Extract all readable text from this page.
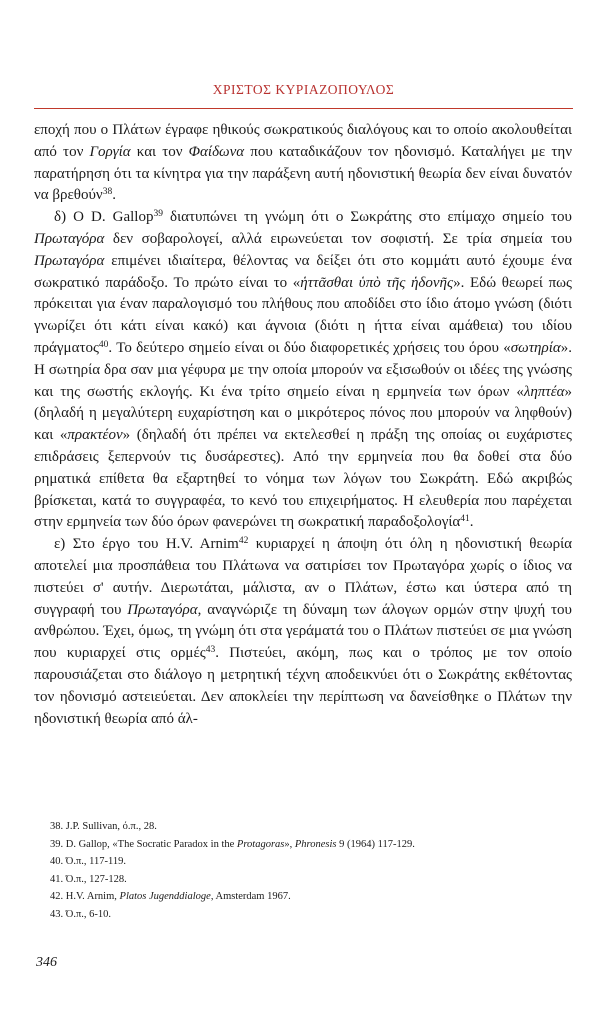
ΧΡΙΣΤΟΣ ΚΥΡΙΑΖΟΠΟΥΛΟΣ

εποχή που ο Πλάτων έγραφε ηθικούς σωκρατικούς διαλόγους και το οποίο ακολουθείται από τον Γοργία και τον Φαίδωνα που καταδικάζουν τον ηδονισμό. Καταλήγει με την παρατήρηση ότι τα κίνητρα για την παράξενη αυτή ηδονιστική θεωρία δεν είναι δυνατόν να βρεθούν$^{38}$.

δ) Ο D. Gallop$^{39}$ διατυπώνει τη γνώμη ότι ο Σωκράτης στο επίμαχο σημείο του Πρωταγόρα δεν σοβαρολογεί, αλλά ειρωνεύεται τον σοφιστή. Σε τρία σημεία του Πρωταγόρα επιμένει ιδιαίτερα, θέλοντας να δείξει ότι στο κομμάτι αυτό έχουμε ένα σωκρατικό παράδοξο. Το πρώτο είναι το «ἡττᾶσθαι ὑπὸ τῆς ἡδονῆς». Εδώ θεωρεί πως πρόκειται για έναν παραλογισμό του πλήθους που αποδίδει στο ίδιο άτομο γνώση (διότι γνωρίζει ότι κάτι είναι κακό) και άγνοια (διότι η ήττα είναι αμάθεια) του ιδίου πράγματος$^{40}$. Το δεύτερο σημείο είναι οι δύο διαφορετικές χρήσεις του όρου «σωτηρία». Η σωτηρία δρα σαν μια γέφυρα με την οποία μπορούν να εξισωθούν οι ιδέες της γνώσης και της σωστής εκλογής. Κι ένα τρίτο σημείο είναι η ερμηνεία των όρων «ληπτέα» (δηλαδή η μεγαλύτερη ευχαρίστηση και ο μικρότερος πόνος που μπορούν να ληφθούν) και «πρακτέον» (δηλαδή ότι πρέπει να εκτελεσθεί η πράξη της οποίας οι ευχάριστες επιδράσεις ξεπερνούν τις δυσάρεστες). Από την ερμηνεία που θα δοθεί στα δύο ρηματικά επίθετα θα εξαρτηθεί το νόημα των λόγων του Σωκράτη. Εδώ ακριβώς βρίσκεται, κατά το συγγραφέα, το κενό του επιχειρήματος. Η ελευθερία που παρέχεται στην ερμηνεία των δύο όρων φανερώνει τη σωκρατική παραδοξολογία$^{41}$.

ε) Στο έργο του H.V. Arnim$^{42}$ κυριαρχεί η άποψη ότι όλη η ηδονιστική θεωρία αποτελεί μια προσπάθεια του Πλάτωνα να σατιρίσει τον Πρωταγόρα χωρίς ο ίδιος να πιστεύει σ' αυτήν. Διερωτάται, μάλιστα, αν ο Πλάτων, έστω και ύστερα από τη συγγραφή του Πρωταγόρα, αναγνώριζε τη δύναμη των άλογων ορμών στην ψυχή του ανθρώπου. Έχει, όμως, τη γνώμη ότι στα γεράματά του ο Πλάτων πιστεύει σε μια γνώση που κυριαρχεί στις ορμές$^{43}$. Πιστεύει, ακόμη, πως και ο τρόπος με τον οποίο παρουσιάζεται στο διάλογο η μετρητική τέχνη αποδεικνύει ότι ο Σωκράτης εκθέτοντας τον ηδονισμό αστειεύεται. Δεν αποκλείει την περίπτωση να δανείσθηκε ο Πλάτων την ηδονιστική θεωρία από άλ-

38. J.P. Sullivan, ό.π., 28.
39. D. Gallop, «The Socratic Paradox in the Protagoras», Phronesis 9 (1964) 117-129.
40. Ό.π., 117-119.
41. Ό.π., 127-128.
42. H.V. Arnim, Platos Jugenddialoge, Amsterdam 1967.
43. Ό.π., 6-10.
346
